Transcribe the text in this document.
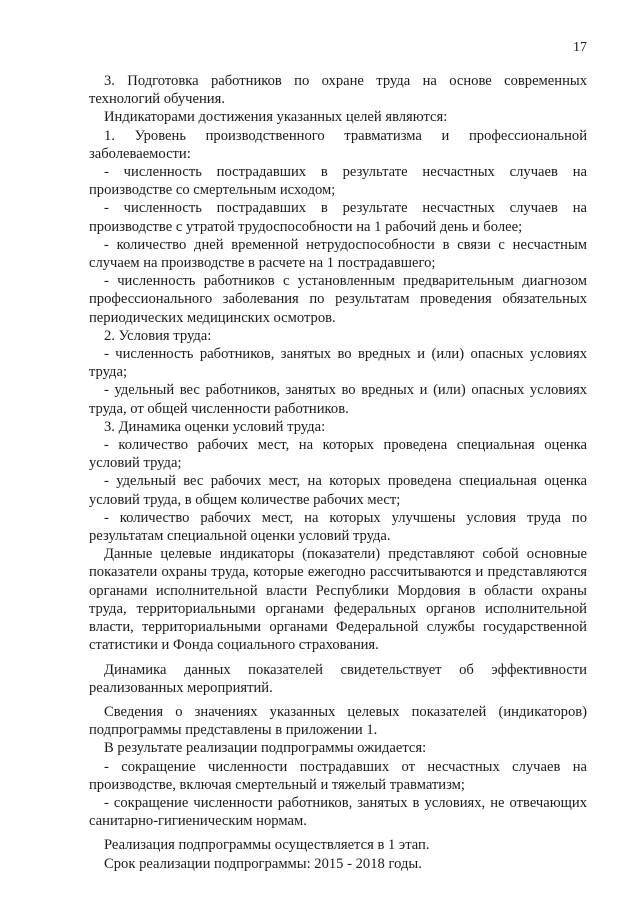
17

3. Подготовка работников по охране труда на основе современных технологий обучения.

Индикаторами достижения указанных целей являются:

1. Уровень производственного травматизма и профессиональной заболеваемости:

- численность пострадавших в результате несчастных случаев на производстве со смертельным исходом;

- численность пострадавших в результате несчастных случаев на производстве с утратой трудоспособности на 1 рабочий день и более;

- количество дней временной нетрудоспособности в связи с несчастным случаем на производстве в расчете на 1 пострадавшего;

- численность работников с установленным предварительным диагнозом профессионального заболевания по результатам проведения обязательных периодических медицинских осмотров.

2. Условия труда:

- численность работников, занятых во вредных и (или) опасных условиях труда;

- удельный вес работников, занятых во вредных и (или) опасных условиях труда, от общей численности работников.

3. Динамика оценки условий труда:

- количество рабочих мест, на которых проведена специальная оценка условий труда;

- удельный вес рабочих мест, на которых проведена специальная оценка условий труда, в общем количестве рабочих мест;

- количество рабочих мест, на которых улучшены условия труда по результатам специальной оценки условий труда.

Данные целевые индикаторы (показатели) представляют собой основные показатели охраны труда, которые ежегодно рассчитываются и представляются органами исполнительной власти Республики Мордовия в области охраны труда, территориальными органами федеральных органов исполнительной власти, территориальными органами Федеральной службы государственной статистики и Фонда социального страхования.

Динамика данных показателей свидетельствует об эффективности реализованных мероприятий.

Сведения о значениях указанных целевых показателей (индикаторов) подпрограммы представлены в приложении 1.

В результате реализации подпрограммы ожидается:

- сокращение численности пострадавших от несчастных случаев на производстве, включая смертельный и тяжелый травматизм;

- сокращение численности работников, занятых в условиях, не отвечающих санитарно-гигиеническим нормам.

Реализация подпрограммы осуществляется в 1 этап.

Срок реализации подпрограммы: 2015 - 2018 годы.
